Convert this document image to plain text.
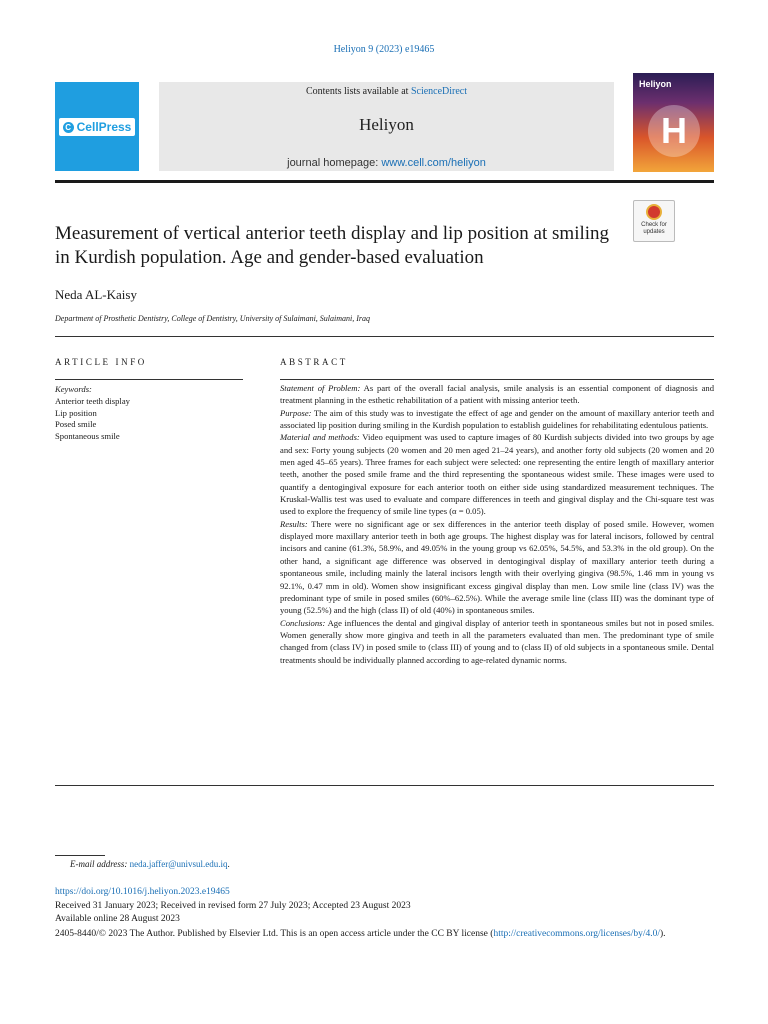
Heliyon 9 (2023) e19465
C CellPress
Contents lists available at ScienceDirect
Heliyon
journal homepage: www.cell.com/heliyon
Heliyon
H
Check for
updates
Measurement of vertical anterior teeth display and lip position at smiling in Kurdish population. Age and gender-based evaluation
Neda AL-Kaisy
Department of Prosthetic Dentistry, College of Dentistry, University of Sulaimani, Sulaimani, Iraq
ARTICLE INFO	ABSTRACT
Keywords:
Anterior teeth display
Lip position
Posed smile
Spontaneous smile

Statement of Problem: As part of the overall facial analysis, smile analysis is an essential component of diagnosis and treatment planning in the esthetic rehabilitation of a patient with missing anterior teeth.

Purpose: The aim of this study was to investigate the effect of age and gender on the amount of maxillary anterior teeth and associated lip position during smiling in the Kurdish population to establish guidelines for rehabilitating edentulous patients.

Material and methods: Video equipment was used to capture images of 80 Kurdish subjects divided into two groups by age and sex: Forty young subjects (20 women and 20 men aged 21–24 years), and another forty old subjects (20 women and 20 men aged 45–65 years). Three frames for each subject were selected: one representing the entire length of maxillary anterior teeth, another the posed smile frame and the third representing the spontaneous widest smile. These images were used to quantify a dentogingival exposure for each anterior tooth on either side using standardized measurement techniques. The Kruskal-Wallis test was used to evaluate and compare differences in teeth and gingival display and the Chi-square test was used to explore the frequency of smile line types (α = 0.05).

Results: There were no significant age or sex differences in the anterior teeth display of posed smile. However, women displayed more maxillary anterior teeth in both age groups. The highest display was for lateral incisors, followed by central incisors and canine (61.3%, 58.9%, and 49.05% in the young group vs 62.05%, 54.5%, and 53.3% in the old group). On the other hand, a significant age difference was observed in dentogingival display of maxillary anterior teeth during a spontaneous smile, including mainly the lateral incisors length with their overlying gingiva (98.5%, 1.46 mm in young vs 92.1%, 0.47 mm in old). Women show insignificant excess gingival display than men. Low smile line (class IV) was the predominant type of smile in posed smiles (60%–62.5%). While the average smile line (class III) was the dominant type of young (52.5%) and the high (class II) of old (40%) in spontaneous smiles.

Conclusions: Age influences the dental and gingival display of anterior teeth in spontaneous smiles but not in posed smiles. Women generally show more gingiva and teeth in all the parameters evaluated than men. The predominant type of smile changed from (class IV) in posed smile to (class III) of young and to (class II) of old subjects in a spontaneous smile. Dental treatments should be individually planned according to age-related dynamic norms.

E-mail address: neda.jaffer@univsul.edu.iq.
https://doi.org/10.1016/j.heliyon.2023.e19465
Received 31 January 2023; Received in revised form 27 July 2023; Accepted 23 August 2023
Available online 28 August 2023
2405-8440/© 2023 The Author. Published by Elsevier Ltd. This is an open access article under the CC BY license (http://creativecommons.org/licenses/by/4.0/).
